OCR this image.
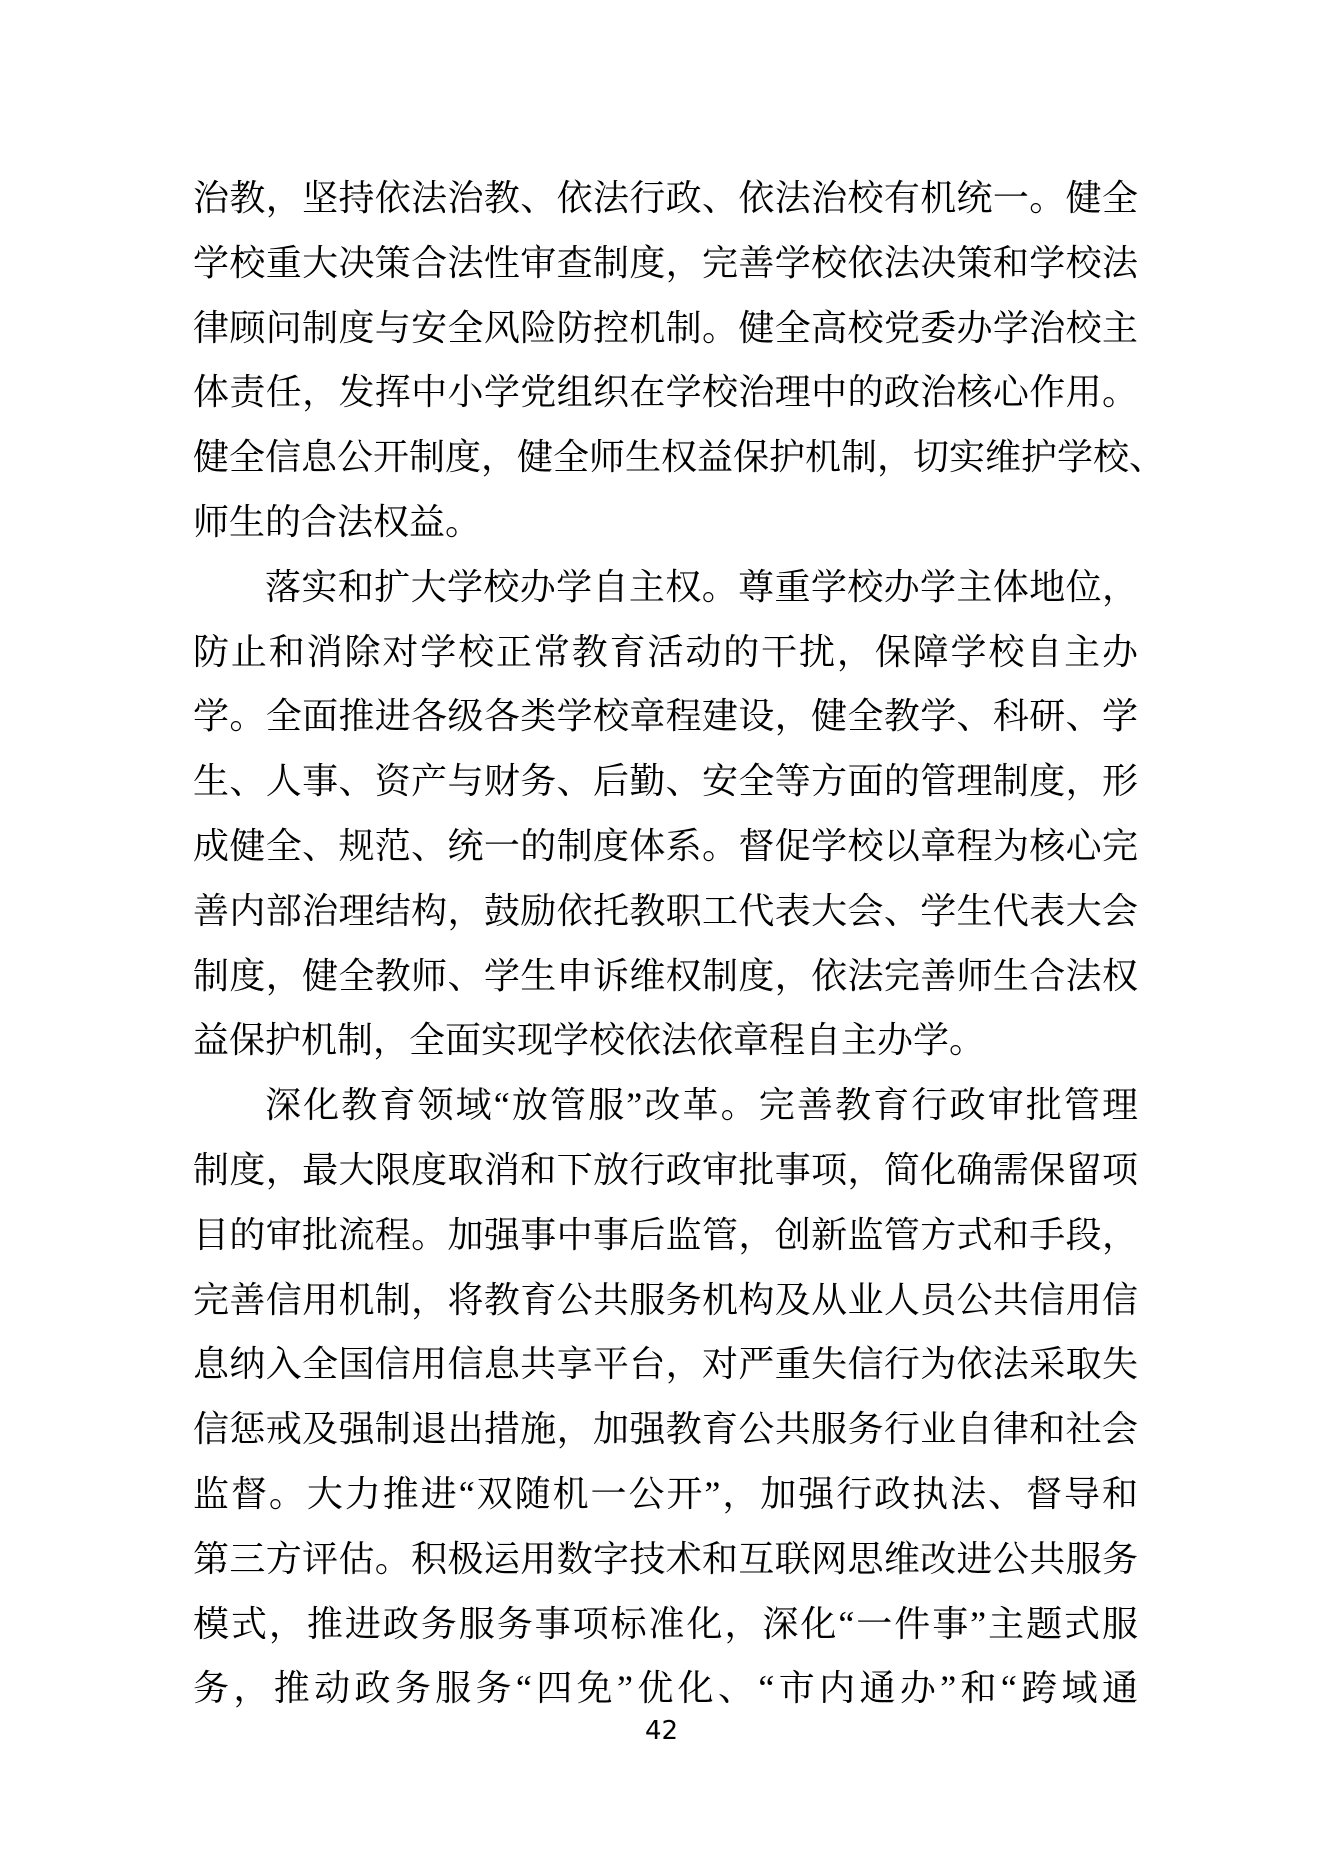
治教，坚持依法治教、依法行政、依法治校有机统一。健全
学校重大决策合法性审查制度，完善学校依法决策和学校法
律顾问制度与安全风险防控机制。健全高校党委办学治校主
体责任，发挥中小学党组织在学校治理中的政治核心作用。
健全信息公开制度，健全师生权益保护机制，切实维护学校、
师生的合法权益。
落实和扩大学校办学自主权。尊重学校办学主体地位，
防止和消除对学校正常教育活动的干扰，保障学校自主办
学。全面推进各级各类学校章程建设，健全教学、科研、学
生、人事、资产与财务、后勤、安全等方面的管理制度，形
成健全、规范、统一的制度体系。督促学校以章程为核心完
善内部治理结构，鼓励依托教职工代表大会、学生代表大会
制度，健全教师、学生申诉维权制度，依法完善师生合法权
益保护机制，全面实现学校依法依章程自主办学。
深化教育领域“放管服”改革。完善教育行政审批管理
制度，最大限度取消和下放行政审批事项，简化确需保留项
目的审批流程。加强事中事后监管，创新监管方式和手段，
完善信用机制，将教育公共服务机构及从业人员公共信用信
息纳入全国信用信息共享平台，对严重失信行为依法采取失
信惩戒及强制退出措施，加强教育公共服务行业自律和社会
监督。大力推进“双随机一公开”，加强行政执法、督导和
第三方评估。积极运用数字技术和互联网思维改进公共服务
模式，推进政务服务事项标准化，深化“一件事”主题式服
务，推动政务服务“四免”优化、“市内通办”和“跨域通
42
